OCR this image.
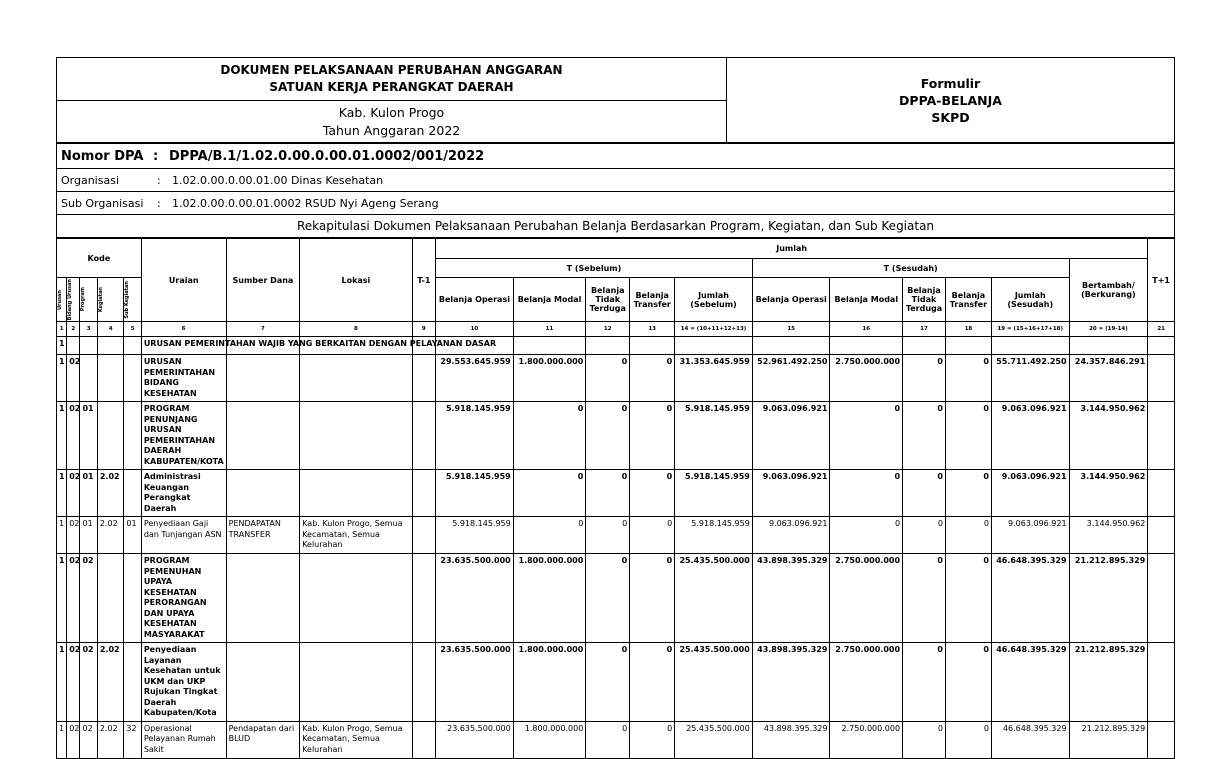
DOKUMEN PELAKSANAAN PERUBAHAN ANGGARAN
SATUAN KERJA PERANGKAT DAERAH	Formulir
DPPA-BELANJA
SKPD

Kab. Kulon Progo
Tahun Anggaran 2022
Nomor DPA : DPPA/B.1/1.02.0.00.0.00.01.0002/001/2022
Organisasi	: 1.02.0.00.0.00.01.00 Dinas Kesehatan
Sub Organisasi : 1.02.0.00.0.00.01.0002 RSUD Nyi Ageng Serang
Rekapitulasi Dokumen Pelaksanaan Perubahan Belanja Berdasarkan Program, Kegiatan, dan Sub Kegiatan
Kode					Uraian	Sumber Dana	Lokasi	T-1	Jumlah											T+1
									T (Sebelum)					T (Sesudah)					Bertambah/ (Berkurang)	

Urusan	Bidang Urusan	Program	Kegiatan	Sub Kegiatan					Belanja Operasi	Belanja Modal	Belanja Tidak Terduga	Belanja Transfer	Jumlah (Sebelum)	Belanja Operasi	Belanja Modal	Belanja Tidak Terduga	Belanja Transfer	Jumlah (Sesudah)		
1	2	3	4	5	6	7	8	9	10	11	12	13	14 = (10+11+12+13)	15	16	17	18	19 = (15+16+17+18)	20 = (19-14)	21
1					URUSAN PEMERINTAHAN WAJIB YANG BERKAITAN DENGAN PELAYANAN DASAR															
1	02				URUSAN PEMERINTAHAN BIDANG KESEHATAN				29.553.645.959	1.800.000.000	0	0	31.353.645.959	52.961.492.250	2.750.000.000	0	0	55.711.492.250	24.357.846.291	
1	02	01			PROGRAM PENUNJANG URUSAN PEMERINTAHAN DAERAH KABUPATEN/KOTA				5.918.145.959	0	0	0	5.918.145.959	9.063.096.921	0	0	0	9.063.096.921	3.144.950.962	
1	02	01	2.02		Administrasi Keuangan Perangkat Daerah				5.918.145.959	0	0	0	5.918.145.959	9.063.096.921	0	0	0	9.063.096.921	3.144.950.962	
1	02	01	2.02	01	Penyediaan Gaji dan Tunjangan ASN	PENDAPATAN TRANSFER	Kab. Kulon Progo, Semua Kecamatan, Semua Kelurahan		5.918.145.959	0	0	0	5.918.145.959	9.063.096.921	0	0	0	9.063.096.921	3.144.950.962	
1	02	02			PROGRAM PEMENUHAN UPAYA KESEHATAN PERORANGAN DAN UPAYA KESEHATAN MASYARAKAT				23.635.500.000	1.800.000.000	0	0	25.435.500.000	43.898.395.329	2.750.000.000	0	0	46.648.395.329	21.212.895.329	
1	02	02	2.02		Penyediaan Layanan Kesehatan untuk UKM dan UKP Rujukan Tingkat Daerah Kabupaten/Kota				23.635.500.000	1.800.000.000	0	0	25.435.500.000	43.898.395.329	2.750.000.000	0	0	46.648.395.329	21.212.895.329	
1	02	02	2.02	32	Operasional Pelayanan Rumah Sakit	Pendapatan dari BLUD	Kab. Kulon Progo, Semua Kecamatan, Semua Kelurahan		23.635.500.000	1.800.000.000	0	0	25.435.500.000	43.898.395.329	2.750.000.000	0	0	46.648.395.329	21.212.895.329	
